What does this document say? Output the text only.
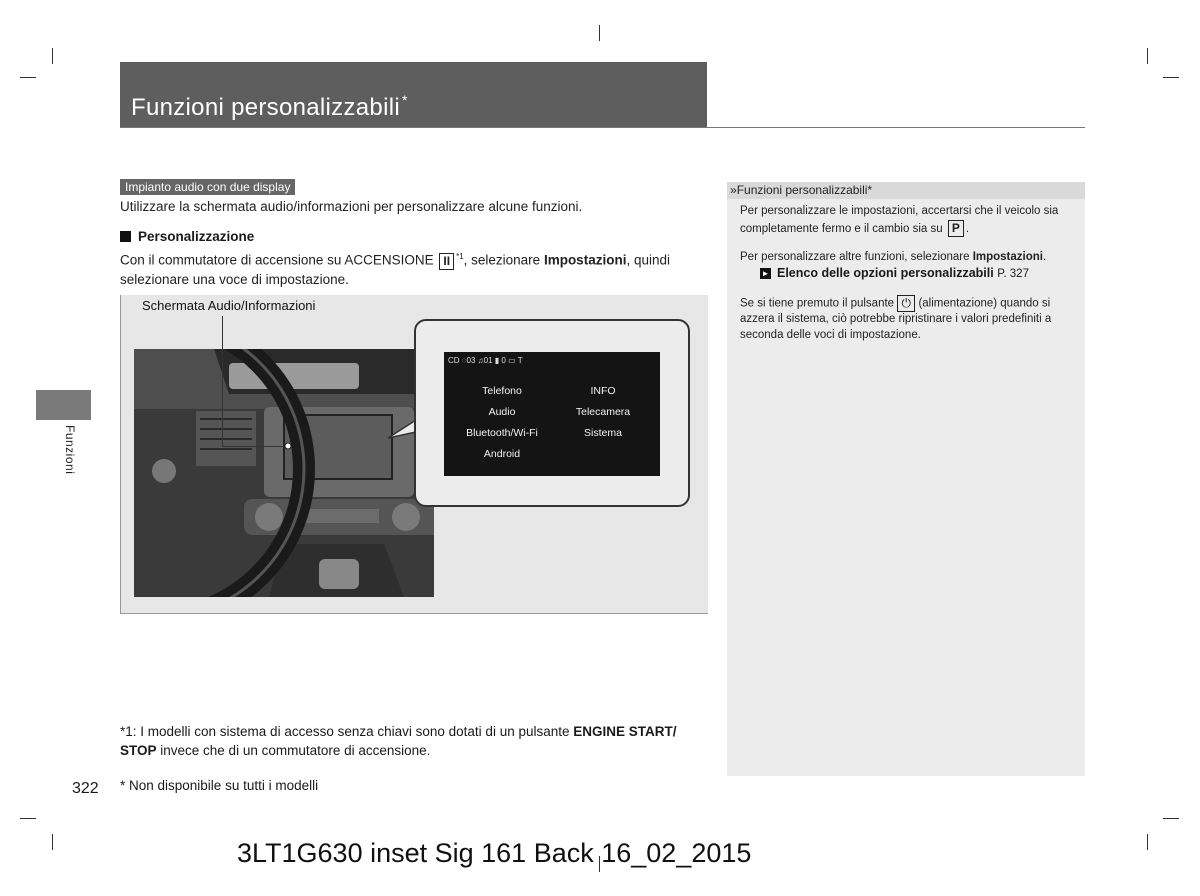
Funzioni personalizzabili *
Funzioni
Impianto audio con due display
Utilizzare la schermata audio/informazioni per personalizzare alcune funzioni.
Personalizzazione
Con il commutatore di accensione su ACCENSIONE II $^{*1}$, selezionare Impostazioni, quindi selezionare una voce di impostazione.
Schermata Audio/Informazioni
CD ◌03 ♫01 ▮ 0 ▭ T
Telefono
Audio
Bluetooth/Wi-Fi
Android
INFO
Telecamera
Sistema
*1: I modelli con sistema di accesso senza chiavi sono dotati di un pulsante ENGINE START/ STOP invece che di un commutatore di accensione.
* Non disponibile su tutti i modelli
322
»Funzioni personalizzabili*
Per personalizzare le impostazioni, accertarsi che il veicolo sia completamente fermo e il cambio sia su P .
Per personalizzare altre funzioni, selezionare Impostazioni.
► Elenco delle opzioni personalizzabili P. 327
Se si tiene premuto il pulsante ⏻ (alimentazione) quando si azzera il sistema, ciò potrebbe ripristinare i valori predefiniti a seconda delle voci di impostazione.
3LT1G630 inset Sig 161 Back 16_02_2015
